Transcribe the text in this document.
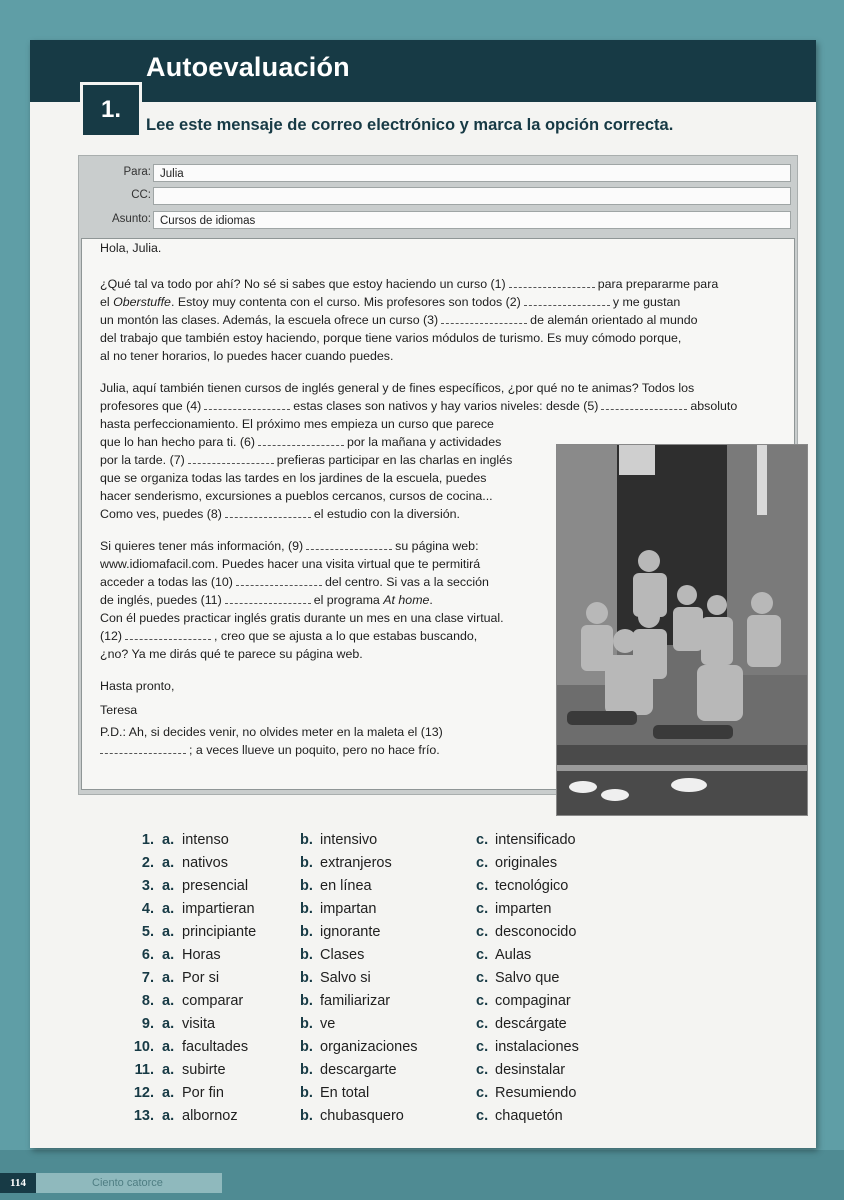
Autoevaluación
1.
Lee este mensaje de correo electrónico y marca la opción correcta.
Para: Julia
CC:
Asunto: Cursos de idiomas
1. a. intenso	b. intensivo	c. intensificado
2. a. nativos	b. extranjeros	c. originales
3. a. presencial	b. en línea	c. tecnológico
4. a. impartieran	b. impartan	c. imparten
5. a. principiante	b. ignorante	c. desconocido
6. a. Horas	b. Clases	c. Aulas
7. a. Por si	b. Salvo si	c. Salvo que
8. a. comparar	b. familiarizar	c. compaginar
9. a. visita	b. ve	c. descárgate
10. a. facultades	b. organizaciones	c. instalaciones
11. a. subirte	b. descargarte	c. desinstalar
12. a. Por fin	b. En total	c. Resumiendo
13. a. albornoz	b. chubasquero	c. chaquetón
114	Ciento catorce
Hola, Julia.
¿Qué tal va todo por ahí? No sé si sabes que estoy haciendo un curso (1)	para prepararme para
el Oberstuffe. Estoy muy contenta con el curso. Mis profesores son todos (2)	y me gustan
un montón las clases. Además, la escuela ofrece un curso (3)	de alemán orientado al mundo
del trabajo que también estoy haciendo, porque tiene varios módulos de turismo. Es muy cómodo porque,
al no tener horarios, lo puedes hacer cuando puedes.
Julia, aquí también tienen cursos de inglés general y de fines específicos, ¿por qué no te animas? Todos los
profesores que (4)	estas clases son nativos y hay varios niveles: desde (5)	absoluto
hasta perfeccionamiento. El próximo mes empieza un curso que parece
que lo han hecho para ti. (6)	por la mañana y actividades
por la tarde. (7)	prefieras participar en las charlas en inglés
que se organiza todas las tardes en los jardines de la escuela, puedes
hacer senderismo, excursiones a pueblos cercanos, cursos de cocina...
Como ves, puedes (8)	el estudio con la diversión.
Si quieres tener más información, (9)	su página web:
www.idiomafacil.com. Puedes hacer una visita virtual que te permitirá
acceder a todas las (10)	del centro. Si vas a la sección
de inglés, puedes (11)	el programa At home.
Con él puedes practicar inglés gratis durante un mes en una clase virtual.
(12)	, creo que se ajusta a lo que estabas buscando,
¿no? Ya me dirás qué te parece su página web.
Hasta pronto,
Teresa
P.D.: Ah, si decides venir, no olvides meter en la maleta el (13)
; a veces llueve un poquito, pero no hace frío.
